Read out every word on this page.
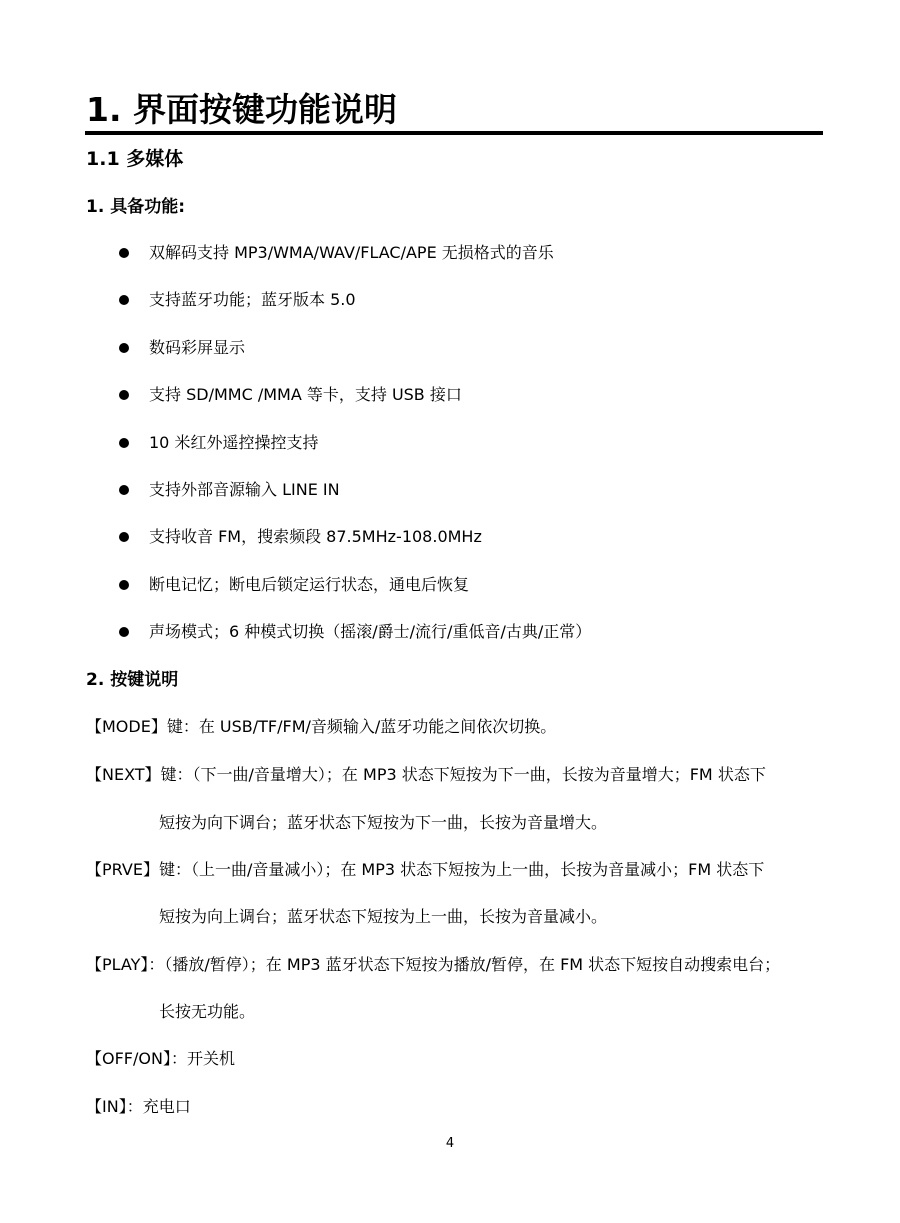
1. 界面按键功能说明
1.1 多媒体
1. 具备功能:
双解码支持 MP3/WMA/WAV/FLAC/APE 无损格式的音乐
支持蓝牙功能；蓝牙版本 5.0
数码彩屏显示
支持 SD/MMC /MMA 等卡，支持 USB 接口
10 米红外遥控操控支持
支持外部音源输入 LINE IN
支持收音 FM，搜索频段 87.5MHz-108.0MHz
断电记忆；断电后锁定运行状态，通电后恢复
声场模式；6 种模式切换（摇滚/爵士/流行/重低音/古典/正常）
2. 按键说明
【MODE】键：在 USB/TF/FM/音频输入/蓝牙功能之间依次切换。
【NEXT】键：（下一曲/音量增大）；在 MP3 状态下短按为下一曲，长按为音量增大；FM 状态下
短按为向下调台；蓝牙状态下短按为下一曲，长按为音量增大。
【PRVE】键：（上一曲/音量减小）；在 MP3 状态下短按为上一曲，长按为音量减小；FM 状态下
短按为向上调台；蓝牙状态下短按为上一曲，长按为音量减小。
【PLAY】：（播放/暂停）；在 MP3 蓝牙状态下短按为播放/暂停，在 FM 状态下短按自动搜索电台；
长按无功能。
【OFF/ON】：开关机
【IN】：充电口
4
